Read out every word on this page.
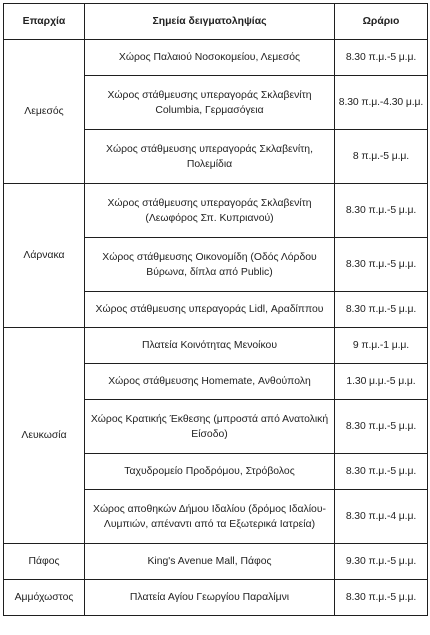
Επαρχία	Σημεία δειγματοληψίας	Ωράριο
Λεμεσός	Χώρος Παλαιού Νοσοκομείου, Λεμεσός	8.30 π.μ.-5 μ.μ.
	Χώρος στάθμευσης υπεραγοράς Σκλαβενίτη Columbia, Γερμασόγεια	8.30 π.μ.-4.30 μ.μ.
	Χώρος στάθμευσης υπεραγοράς Σκλαβενίτη, Πολεμίδια	8 π.μ.-5 μ.μ.
Λάρνακα	Χώρος στάθμευσης υπεραγοράς Σκλαβενίτη (Λεωφόρος Σπ. Κυπριανού)	8.30 π.μ.-5 μ.μ.
	Χώρος στάθμευσης Οικονομίδη (Οδός Λόρδου Βύρωνα, δίπλα από Public)	8.30 π.μ.-5 μ.μ.
	Χώρος στάθμευσης υπεραγοράς Lidl, Αραδίππου	8.30 π.μ.-5 μ.μ.
Λευκωσία	Πλατεία Κοινότητας Μενοίκου	9 π.μ.-1 μ.μ.
	Χώρος στάθμευσης Homemate, Ανθούπολη	1.30 μ.μ.-5 μ.μ.
	Χώρος Κρατικής Έκθεσης (μπροστά από Ανατολική Είσοδο)	8.30 π.μ.-5 μ.μ.
	Ταχυδρομείο Προδρόμου, Στρόβολος	8.30 π.μ.-5 μ.μ.
	Χώρος αποθηκών Δήμου Ιδαλίου (δρόμος Ιδαλίου-Λυμπιών, απέναντι από τα Εξωτερικά Ιατρεία)	8.30 π.μ.-4 μ.μ.
Πάφος	King's Avenue Mall, Πάφος	9.30 π.μ.-5 μ.μ.
Αμμόχωστος	Πλατεία Αγίου Γεωργίου Παραλίμνι	8.30 π.μ.-5 μ.μ.
